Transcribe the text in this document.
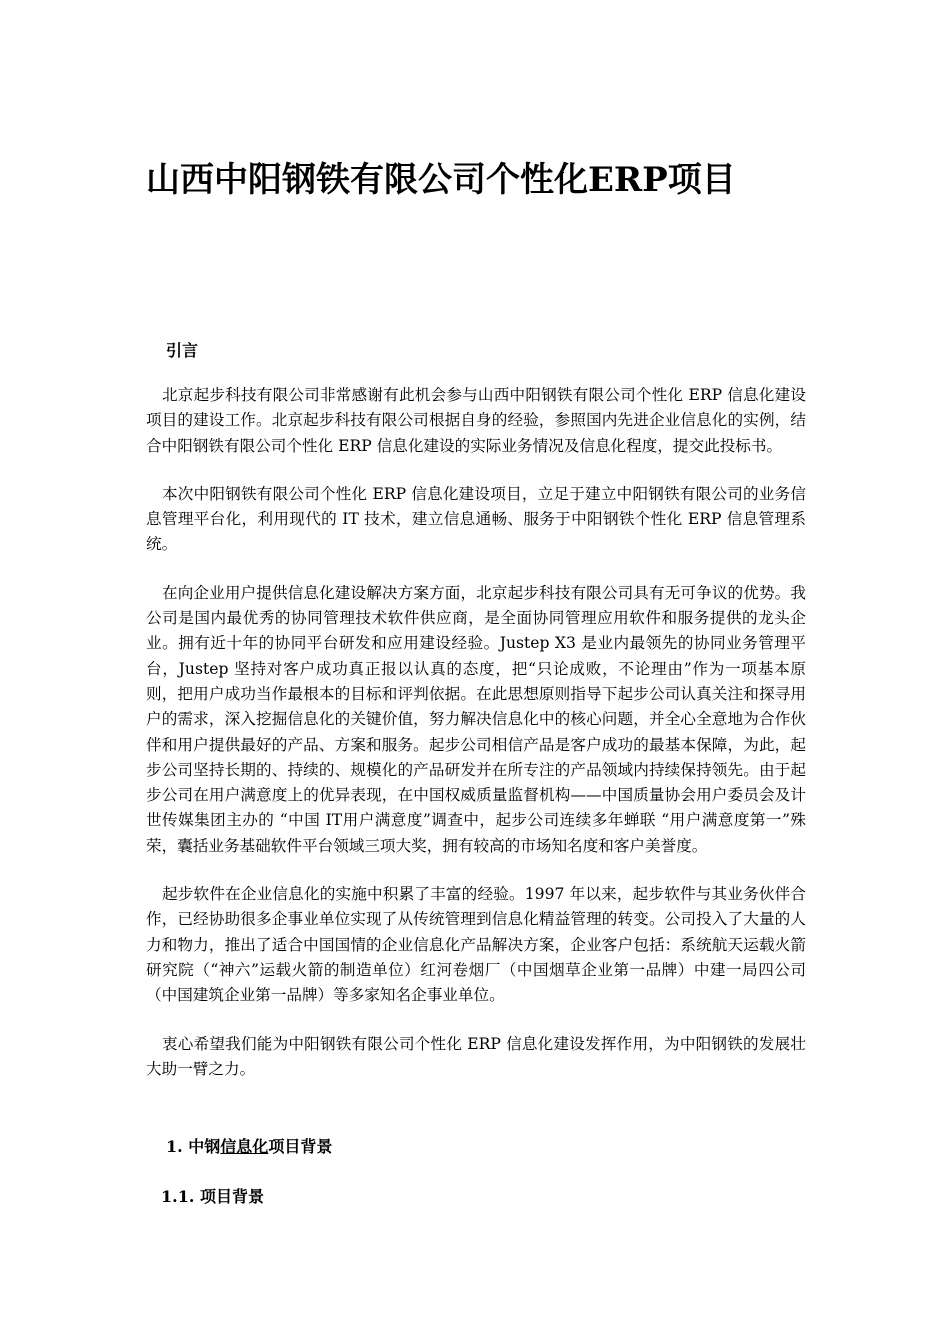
山西中阳钢铁有限公司个性化ERP项目
引言

北京起步科技有限公司非常感谢有此机会参与山西中阳钢铁有限公司个性化 ERP 信息化建设项目的建设工作。北京起步科技有限公司根据自身的经验，参照国内先进企业信息化的实例，结合中阳钢铁有限公司个性化 ERP 信息化建设的实际业务情况及信息化程度，提交此投标书。

本次中阳钢铁有限公司个性化 ERP 信息化建设项目，立足于建立中阳钢铁有限公司的业务信息管理平台化，利用现代的 IT 技术，建立信息通畅、服务于中阳钢铁个性化 ERP 信息管理系统。

在向企业用户提供信息化建设解决方案方面，北京起步科技有限公司具有无可争议的优势。我公司是国内最优秀的协同管理技术软件供应商，是全面协同管理应用软件和服务提供的龙头企业。拥有近十年的协同平台研发和应用建设经验。Justep X3 是业内最领先的协同业务管理平台，Justep 坚持对客户成功真正报以认真的态度，把“只论成败，不论理由”作为一项基本原则，把用户成功当作最根本的目标和评判依据。在此思想原则指导下起步公司认真关注和探寻用户的需求，深入挖掘信息化的关键价值，努力解决信息化中的核心问题，并全心全意地为合作伙伴和用户提供最好的产品、方案和服务。起步公司相信产品是客户成功的最基本保障，为此，起步公司坚持长期的、持续的、规模化的产品研发并在所专注的产品领域内持续保持领先。由于起步公司在用户满意度上的优异表现，在中国权威质量监督机构——中国质量协会用户委员会及计世传媒集团主办的 “中国 IT用户满意度”调查中，起步公司连续多年蝉联 “用户满意度第一”殊荣，囊括业务基础软件平台领域三项大奖，拥有较高的市场知名度和客户美誉度。

起步软件在企业信息化的实施中积累了丰富的经验。1997 年以来，起步软件与其业务伙伴合作，已经协助很多企事业单位实现了从传统管理到信息化精益管理的转变。公司投入了大量的人力和物力，推出了适合中国国情的企业信息化产品解决方案，企业客户包括：系统航天运载火箭研究院（“神六”运载火箭的制造单位）红河卷烟厂（中国烟草企业第一品牌）中建一局四公司（中国建筑企业第一品牌）等多家知名企事业单位。

衷心希望我们能为中阳钢铁有限公司个性化 ERP 信息化建设发挥作用，为中阳钢铁的发展壮大助一臂之力。

1. 中钢信息化项目背景
1.1. 项目背景
